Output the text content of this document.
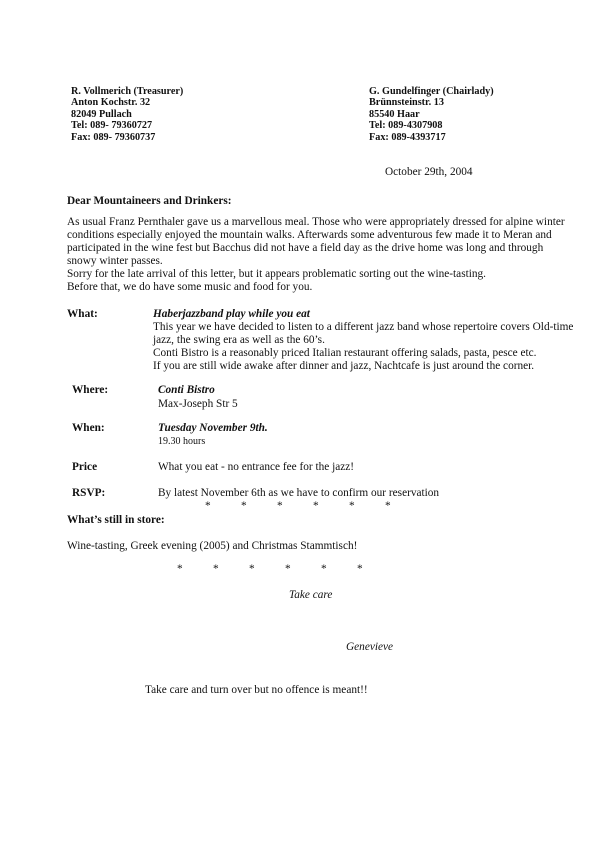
R. Vollmerich (Treasurer)
Anton Kochstr. 32
82049 Pullach
Tel: 089- 79360727
Fax: 089- 79360737
G. Gundelfinger (Chairlady)
Brünnsteinstr. 13
85540 Haar
Tel: 089-4307908
Fax: 089-4393717
October 29th, 2004
Dear Mountaineers and Drinkers:
As usual Franz Pernthaler gave us a marvellous meal. Those who were appropriately dressed for alpine winter
conditions especially enjoyed the mountain walks. Afterwards some adventurous few made it to Meran and
participated in the wine fest but Bacchus did not have a field day as the drive home was long and through
snowy winter passes.
Sorry for the late arrival of this letter, but it appears problematic sorting out the wine-tasting.
Before that, we do have some music and food for you.
What:	Haberjazzband play while you eat
This year we have decided to listen to a different jazz band whose repertoire covers Old-time
jazz, the swing era as well as the 60’s.
Conti Bistro is a reasonably priced Italian restaurant offering salads, pasta, pesce etc.
If you are still wide awake after dinner and jazz, Nachtcafe is just around the corner.
Where:	Conti Bistro
Max-Joseph Str 5
When:	Tuesday November 9th.
19.30 hours
Price	What you eat - no entrance fee for the jazz!
RSVP:	By latest November 6th as we have to confirm our reservation
*	*	*	*	*	*
What’s still in store:
Wine-tasting, Greek evening (2005) and Christmas Stammtisch!
*	*	*	*	*	*
Take care
Genevieve
Take care and turn over but no offence is meant!!
